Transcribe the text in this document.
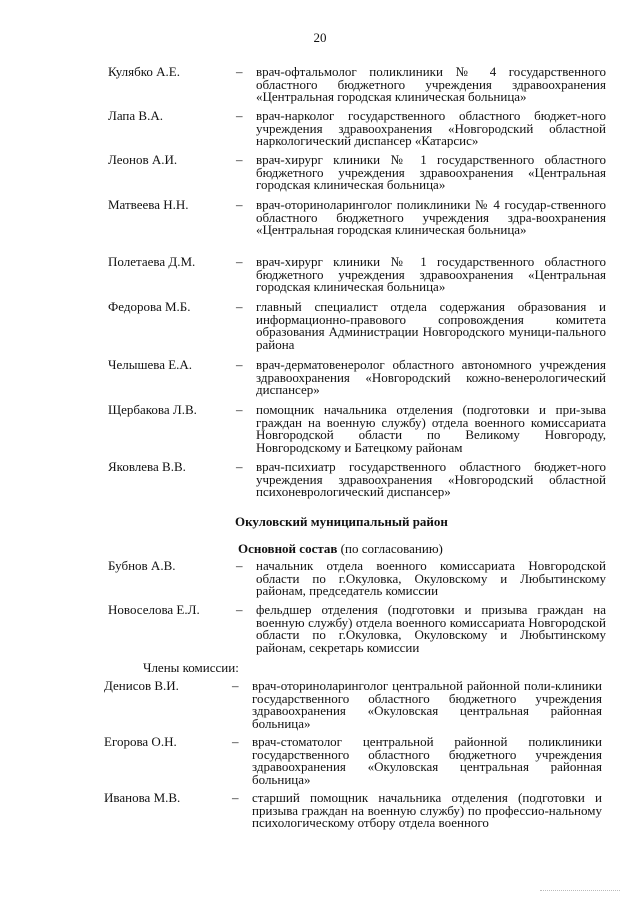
20
Кулябко А.Е.	–	врач-офтальмолог поликлиники № 4 государственного областного бюджетного учреждения здравоохранения «Центральная городская клиническая больница»
Лапа В.А.	–	врач-нарколог государственного областного бюджет-ного учреждения здравоохранения «Новгородский областной наркологический диспансер «Катарсис»
Леонов А.И.	–	врач-хирург клиники № 1 государственного областного бюджетного учреждения здравоохранения «Центральная городская клиническая больница»
Матвеева Н.Н.	–	врач-оториноларинголог поликлиники № 4 государ-ственного областного бюджетного учреждения здра-воохранения «Центральная городская клиническая больница»
Полетаева Д.М.	–	врач-хирург клиники № 1 государственного областного бюджетного учреждения здравоохранения «Центральная городская клиническая больница»
Федорова М.Б.	–	главный специалист отдела содержания образования и информационно-правового сопровождения комитета образования Администрации Новгородского муници-пального района
Челышева Е.А.	–	врач-дерматовенеролог областного автономного учреждения здравоохранения «Новгородский кожно-венерологический диспансер»
Щербакова Л.В.	–	помощник начальника отделения (подготовки и при-зыва граждан на военную службу) отдела военного комиссариата Новгородской области по Великому Новгороду, Новгородскому и Батецкому районам
Яковлева В.В.	–	врач-психиатр государственного областного бюджет-ного учреждения здравоохранения «Новгородский областной психоневрологический диспансер»
Окуловский муниципальный район
Основной состав (по согласованию)
Бубнов А.В.	–	начальник отдела военного комиссариата Новгородской области по г.Окуловка, Окуловскому и Любытинскому районам, председатель комиссии
Новоселова Е.Л.	–	фельдшер отделения (подготовки и призыва граждан на военную службу) отдела военного комиссариата Новгородской области по г.Окуловка, Окуловскому и Любытинскому районам, секретарь комиссии
Члены комиссии:
Денисов В.И.	–	врач-оториноларинголог центральной районной поли-клиники государственного областного бюджетного учреждения здравоохранения «Окуловская центральная районная больница»
Егорова О.Н.	–	врач-стоматолог центральной районной поликлиники государственного областного бюджетного учреждения здравоохранения «Окуловская центральная районная больница»
Иванова М.В.	–	старший помощник начальника отделения (подготовки и призыва граждан на военную службу) по профессио-нальному психологическому отбору отдела военного
